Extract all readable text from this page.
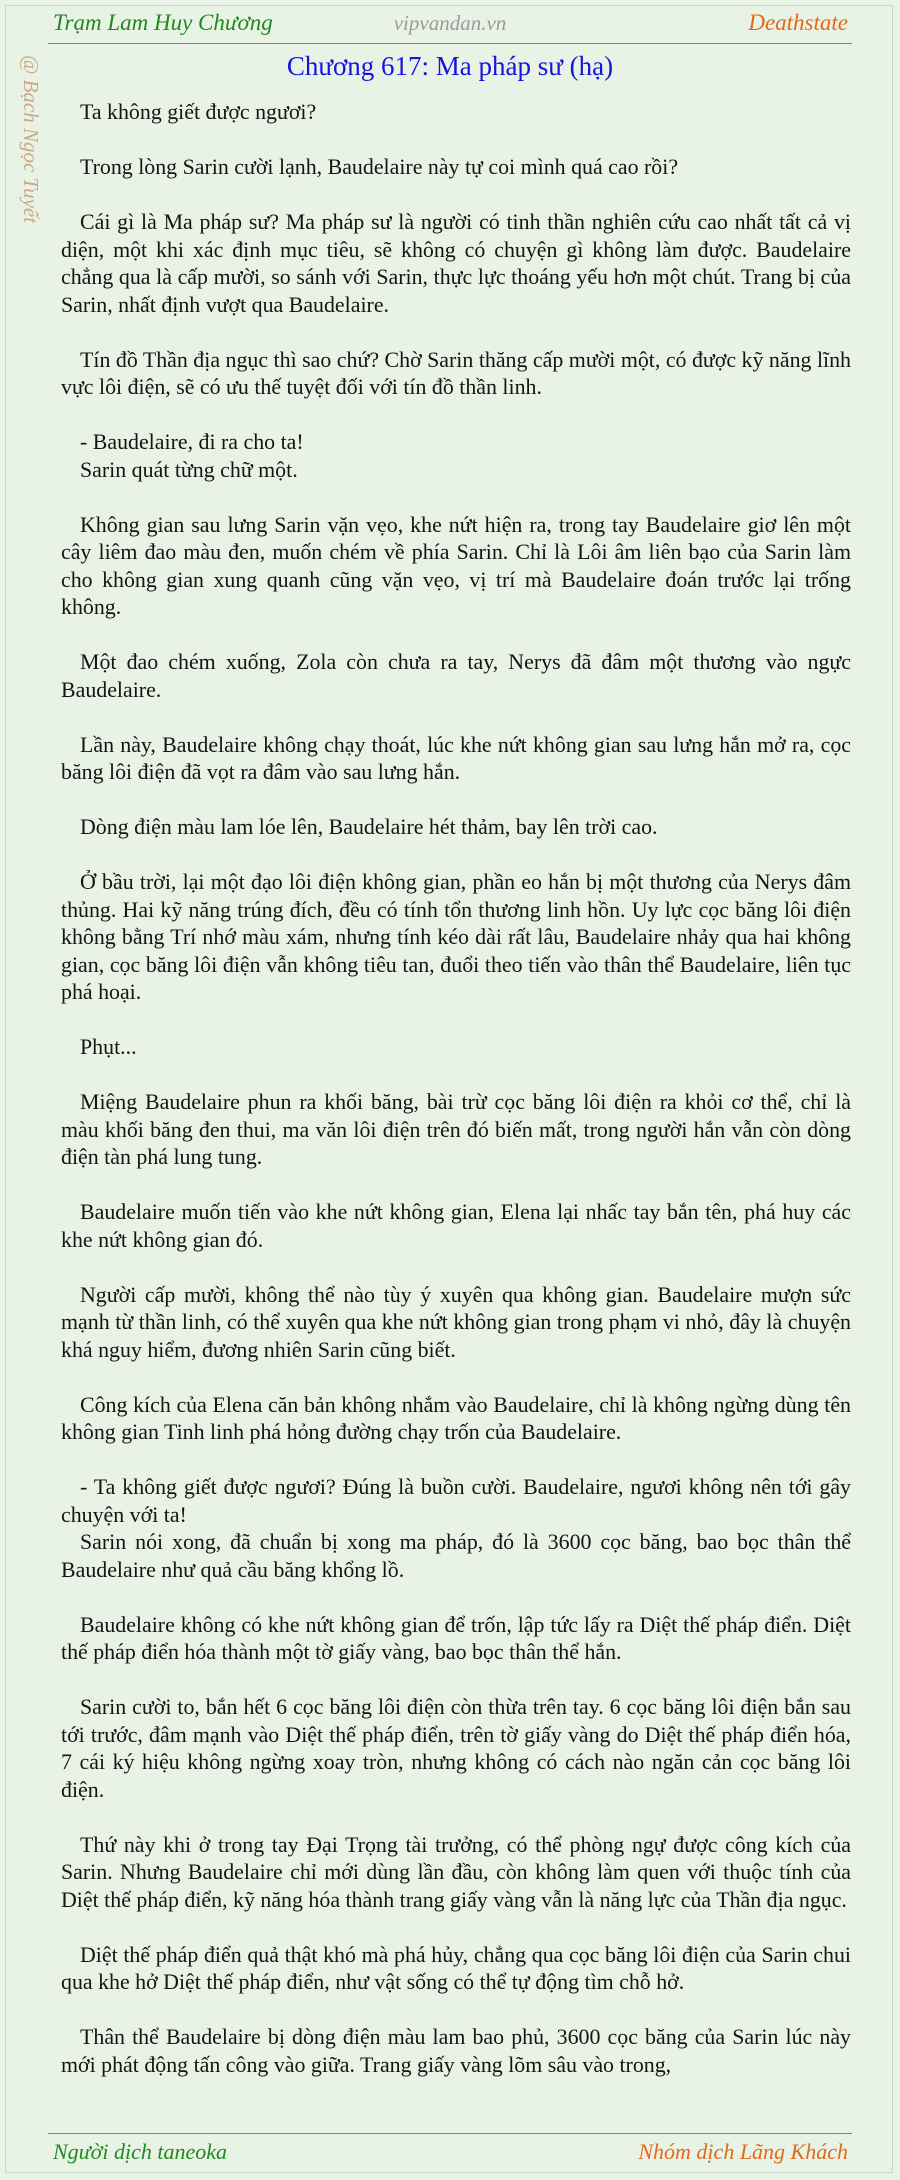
Trạm Lam Huy Chương	vipvandan.vn	Deathstate
@ Bạch Ngọc Tuyết	Chương 617: Ma pháp sư (hạ)

Ta không giết được ngươi?

Trong lòng Sarin cười lạnh, Baudelaire này tự coi mình quá cao rồi?

Cái gì là Ma pháp sư? Ma pháp sư là người có tinh thần nghiên cứu cao nhất tất cả vị diện, một khi xác định mục tiêu, sẽ không có chuyện gì không làm được. Baudelaire chẳng qua là cấp mười, so sánh với Sarin, thực lực thoáng yếu hơn một chút. Trang bị của Sarin, nhất định vượt qua Baudelaire.

Tín đồ Thần địa ngục thì sao chứ? Chờ Sarin thăng cấp mười một, có được kỹ năng lĩnh vực lôi điện, sẽ có ưu thế tuyệt đối với tín đồ thần linh.

- Baudelaire, đi ra cho ta!

Sarin quát từng chữ một.

Không gian sau lưng Sarin vặn vẹo, khe nứt hiện ra, trong tay Baudelaire giơ lên một cây liêm đao màu đen, muốn chém về phía Sarin. Chỉ là Lôi âm liên bạo của Sarin làm cho không gian xung quanh cũng vặn vẹo, vị trí mà Baudelaire đoán trước lại trống không.

Một đao chém xuống, Zola còn chưa ra tay, Nerys đã đâm một thương vào ngực Baudelaire.

Lần này, Baudelaire không chạy thoát, lúc khe nứt không gian sau lưng hắn mở ra, cọc băng lôi điện đã vọt ra đâm vào sau lưng hắn.

Dòng điện màu lam lóe lên, Baudelaire hét thảm, bay lên trời cao.

Ở bầu trời, lại một đạo lôi điện không gian, phần eo hắn bị một thương của Nerys đâm thủng. Hai kỹ năng trúng đích, đều có tính tổn thương linh hồn. Uy lực cọc băng lôi điện không bằng Trí nhớ màu xám, nhưng tính kéo dài rất lâu, Baudelaire nhảy qua hai không gian, cọc băng lôi điện vẫn không tiêu tan, đuổi theo tiến vào thân thể Baudelaire, liên tục phá hoại.

Phụt...

Miệng Baudelaire phun ra khối băng, bài trừ cọc băng lôi điện ra khỏi cơ thể, chỉ là màu khối băng đen thui, ma văn lôi điện trên đó biến mất, trong người hắn vẫn còn dòng điện tàn phá lung tung.

Baudelaire muốn tiến vào khe nứt không gian, Elena lại nhấc tay bắn tên, phá huy các khe nứt không gian đó.

Người cấp mười, không thể nào tùy ý xuyên qua không gian. Baudelaire mượn sức mạnh từ thần linh, có thể xuyên qua khe nứt không gian trong phạm vi nhỏ, đây là chuyện khá nguy hiểm, đương nhiên Sarin cũng biết.

Công kích của Elena căn bản không nhắm vào Baudelaire, chỉ là không ngừng dùng tên không gian Tinh linh phá hỏng đường chạy trốn của Baudelaire.

- Ta không giết được ngươi? Đúng là buồn cười. Baudelaire, ngươi không nên tới gây chuyện với ta!

Sarin nói xong, đã chuẩn bị xong ma pháp, đó là 3600 cọc băng, bao bọc thân thể Baudelaire như quả cầu băng khổng lồ.

Baudelaire không có khe nứt không gian để trốn, lập tức lấy ra Diệt thế pháp điển. Diệt thế pháp điển hóa thành một tờ giấy vàng, bao bọc thân thể hắn.

Sarin cười to, bắn hết 6 cọc băng lôi điện còn thừa trên tay. 6 cọc băng lôi điện bắn sau tới trước, đâm mạnh vào Diệt thế pháp điển, trên tờ giấy vàng do Diệt thế pháp điển hóa, 7 cái ký hiệu không ngừng xoay tròn, nhưng không có cách nào ngăn cản cọc băng lôi điện.

Thứ này khi ở trong tay Đại Trọng tài trưởng, có thể phòng ngự được công kích của Sarin. Nhưng Baudelaire chỉ mới dùng lần đầu, còn không làm quen với thuộc tính của Diệt thế pháp điển, kỹ năng hóa thành trang giấy vàng vẫn là năng lực của Thần địa ngục.

Diệt thế pháp điển quả thật khó mà phá hủy, chẳng qua cọc băng lôi điện của Sarin chui qua khe hở Diệt thế pháp điển, như vật sống có thể tự động tìm chỗ hở.

Thân thể Baudelaire bị dòng điện màu lam bao phủ, 3600 cọc băng của Sarin lúc này mới phát động tấn công vào giữa. Trang giấy vàng lõm sâu vào trong,

Người dịch taneoka	Nhóm dịch Lãng Khách
